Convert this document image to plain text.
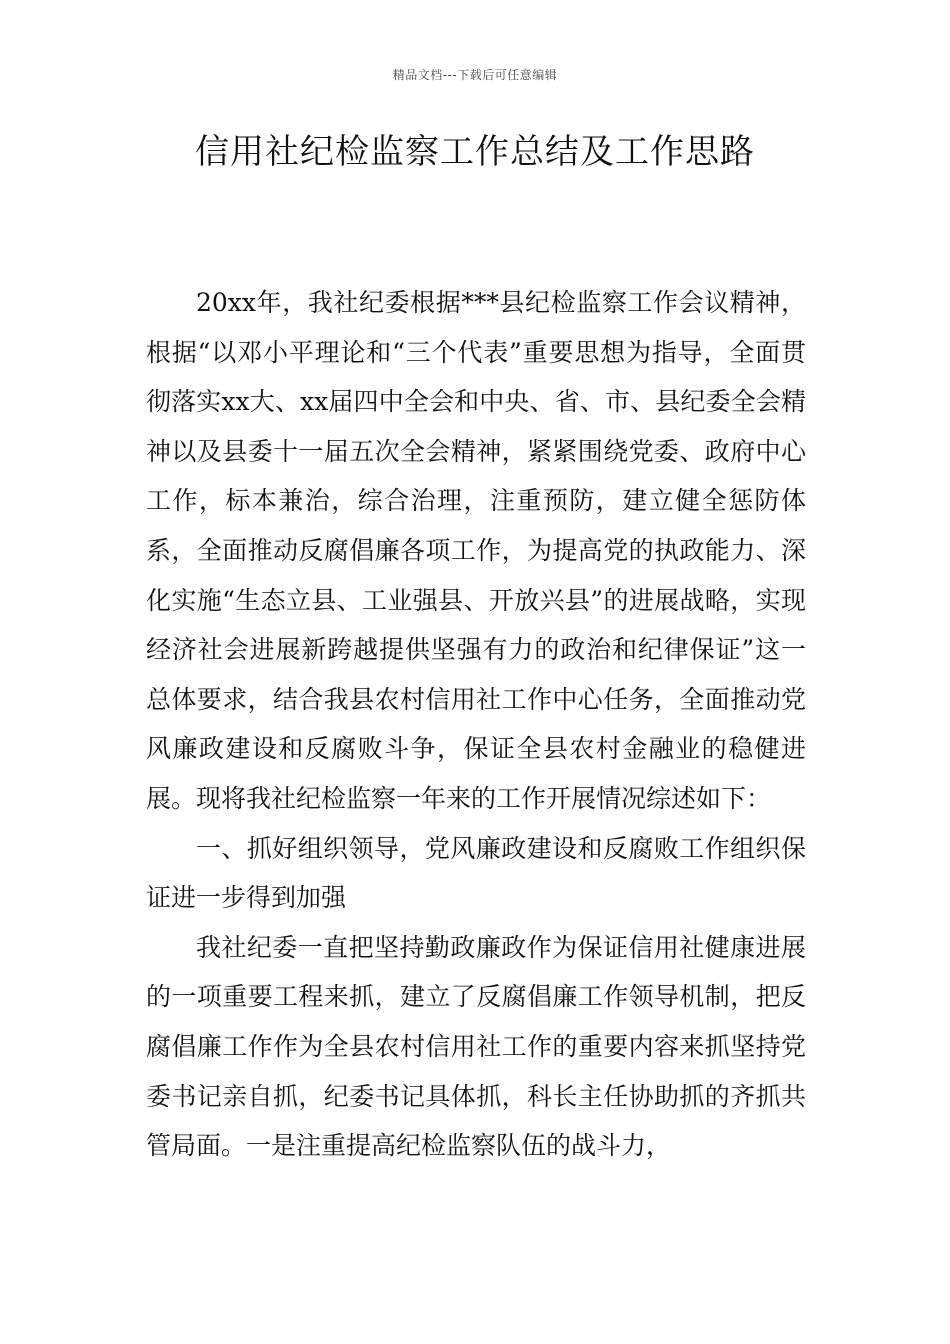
精品文档---下载后可任意编辑
信用社纪检监察工作总结及工作思路

20xx年，我社纪委根据***县纪检监察工作会议精神，根据“以邓小平理论和“三个代表”重要思想为指导，全面贯彻落实xx大、xx届四中全会和中央、省、市、县纪委全会精神以及县委十一届五次全会精神，紧紧围绕党委、政府中心工作，标本兼治，综合治理，注重预防，建立健全惩防体系，全面推动反腐倡廉各项工作，为提高党的执政能力、深化实施“生态立县、工业强县、开放兴县”的进展战略，实现经济社会进展新跨越提供坚强有力的政治和纪律保证”这一总体要求，结合我县农村信用社工作中心任务，全面推动党风廉政建设和反腐败斗争，保证全县农村金融业的稳健进展。现将我社纪检监察一年来的工作开展情况综述如下：

一、抓好组织领导，党风廉政建设和反腐败工作组织保证进一步得到加强

我社纪委一直把坚持勤政廉政作为保证信用社健康进展的一项重要工程来抓，建立了反腐倡廉工作领导机制，把反腐倡廉工作作为全县农村信用社工作的重要内容来抓坚持党委书记亲自抓，纪委书记具体抓，科长主任协助抓的齐抓共管局面。一是注重提高纪检监察队伍的战斗力，
